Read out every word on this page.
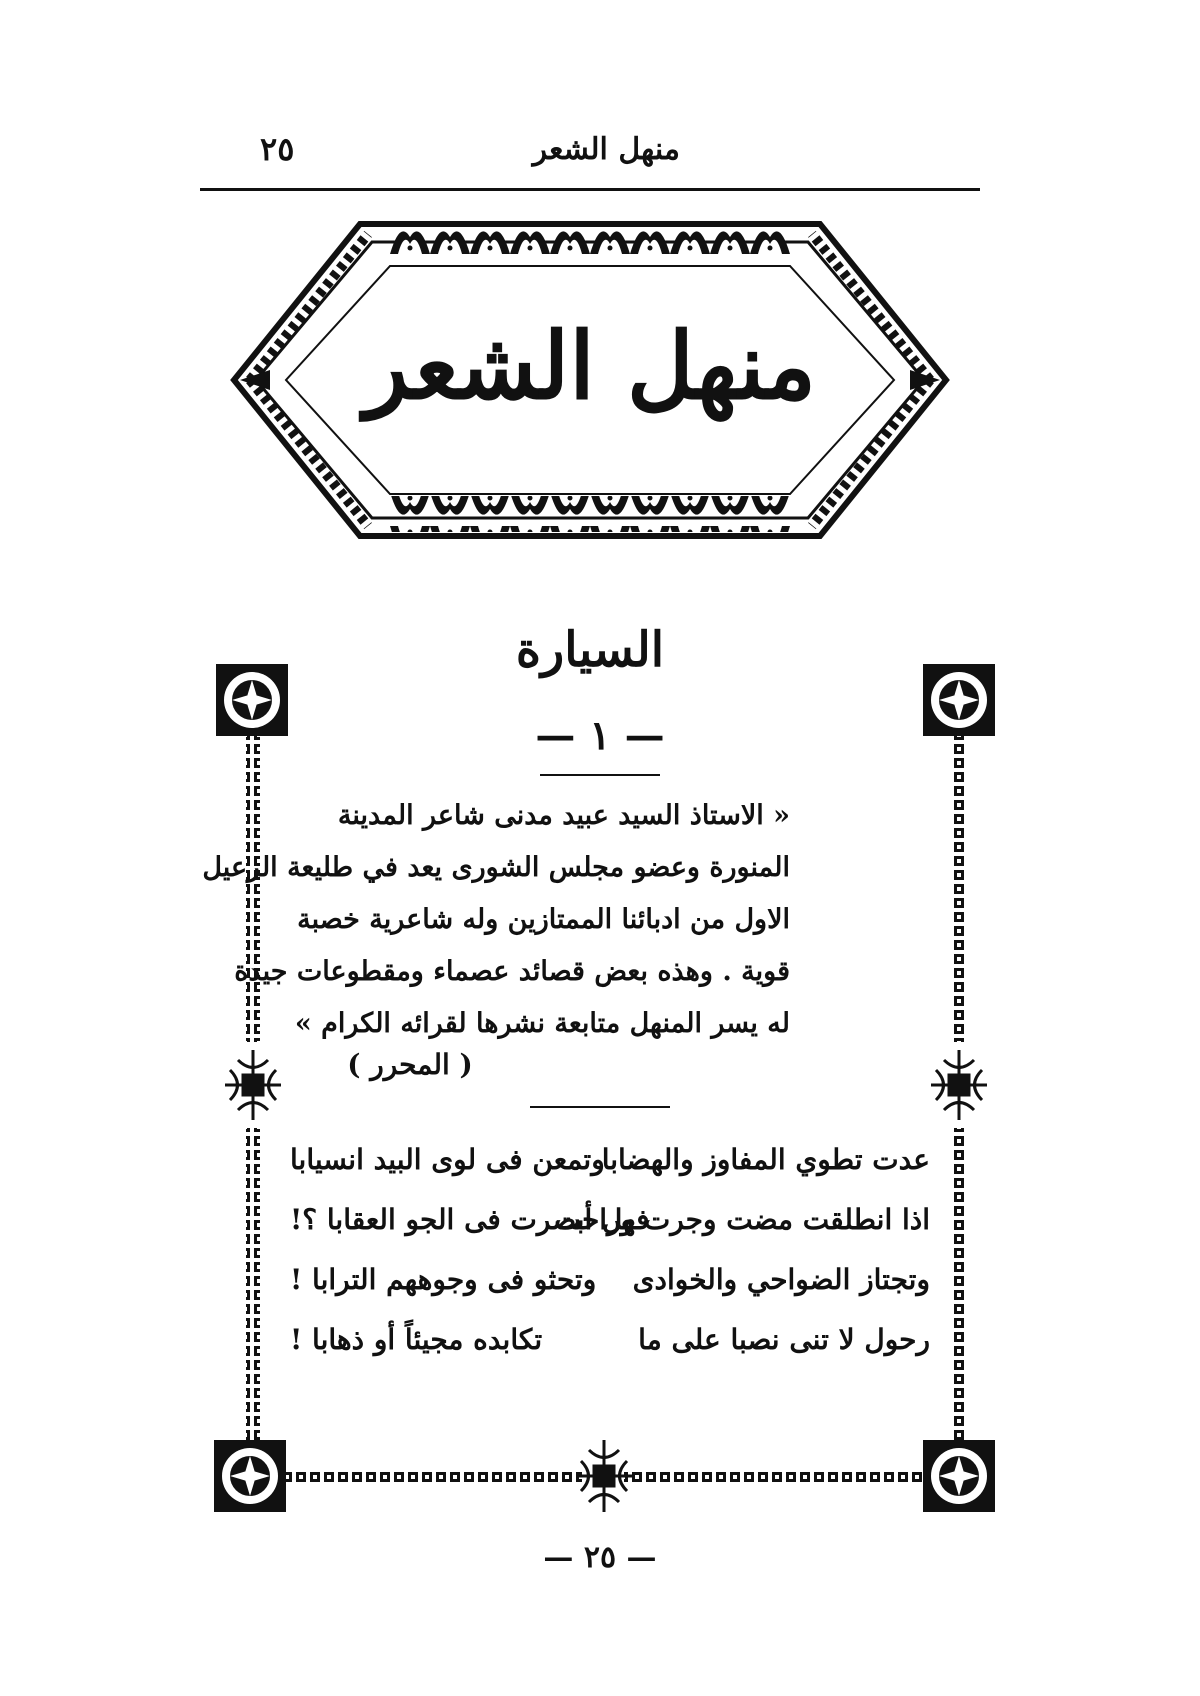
منهل الشعر
٢٥
منهل الشعر
السيارة
— ١ —
« الاستاذ السيد عبيد مدنى شاعر المدينة
المنورة وعضو مجلس الشورى يعد في طليعة الرعيل
الاول من ادبائنا الممتازين وله شاعرية خصبة
قوية . وهذه بعض قصائد عصماء ومقطوعات جيدة
له يسر المنهل متابعة نشرها لقرائه الكرام »
( المحرر )
عدت تطوي المفاوز والهضابا
وتمعن فى لوى البيد انسيابا
اذا انطلقت مضت وجرت وراحت
فهل أبصرت فى الجو العقابا ؟!
وتجتاز الضواحي والخوادى
وتحثو فى وجوههم الترابا !
رحول لا تنى نصبا على ما
تكابده مجيئاً أو ذهابا !
— ٢٥ —
